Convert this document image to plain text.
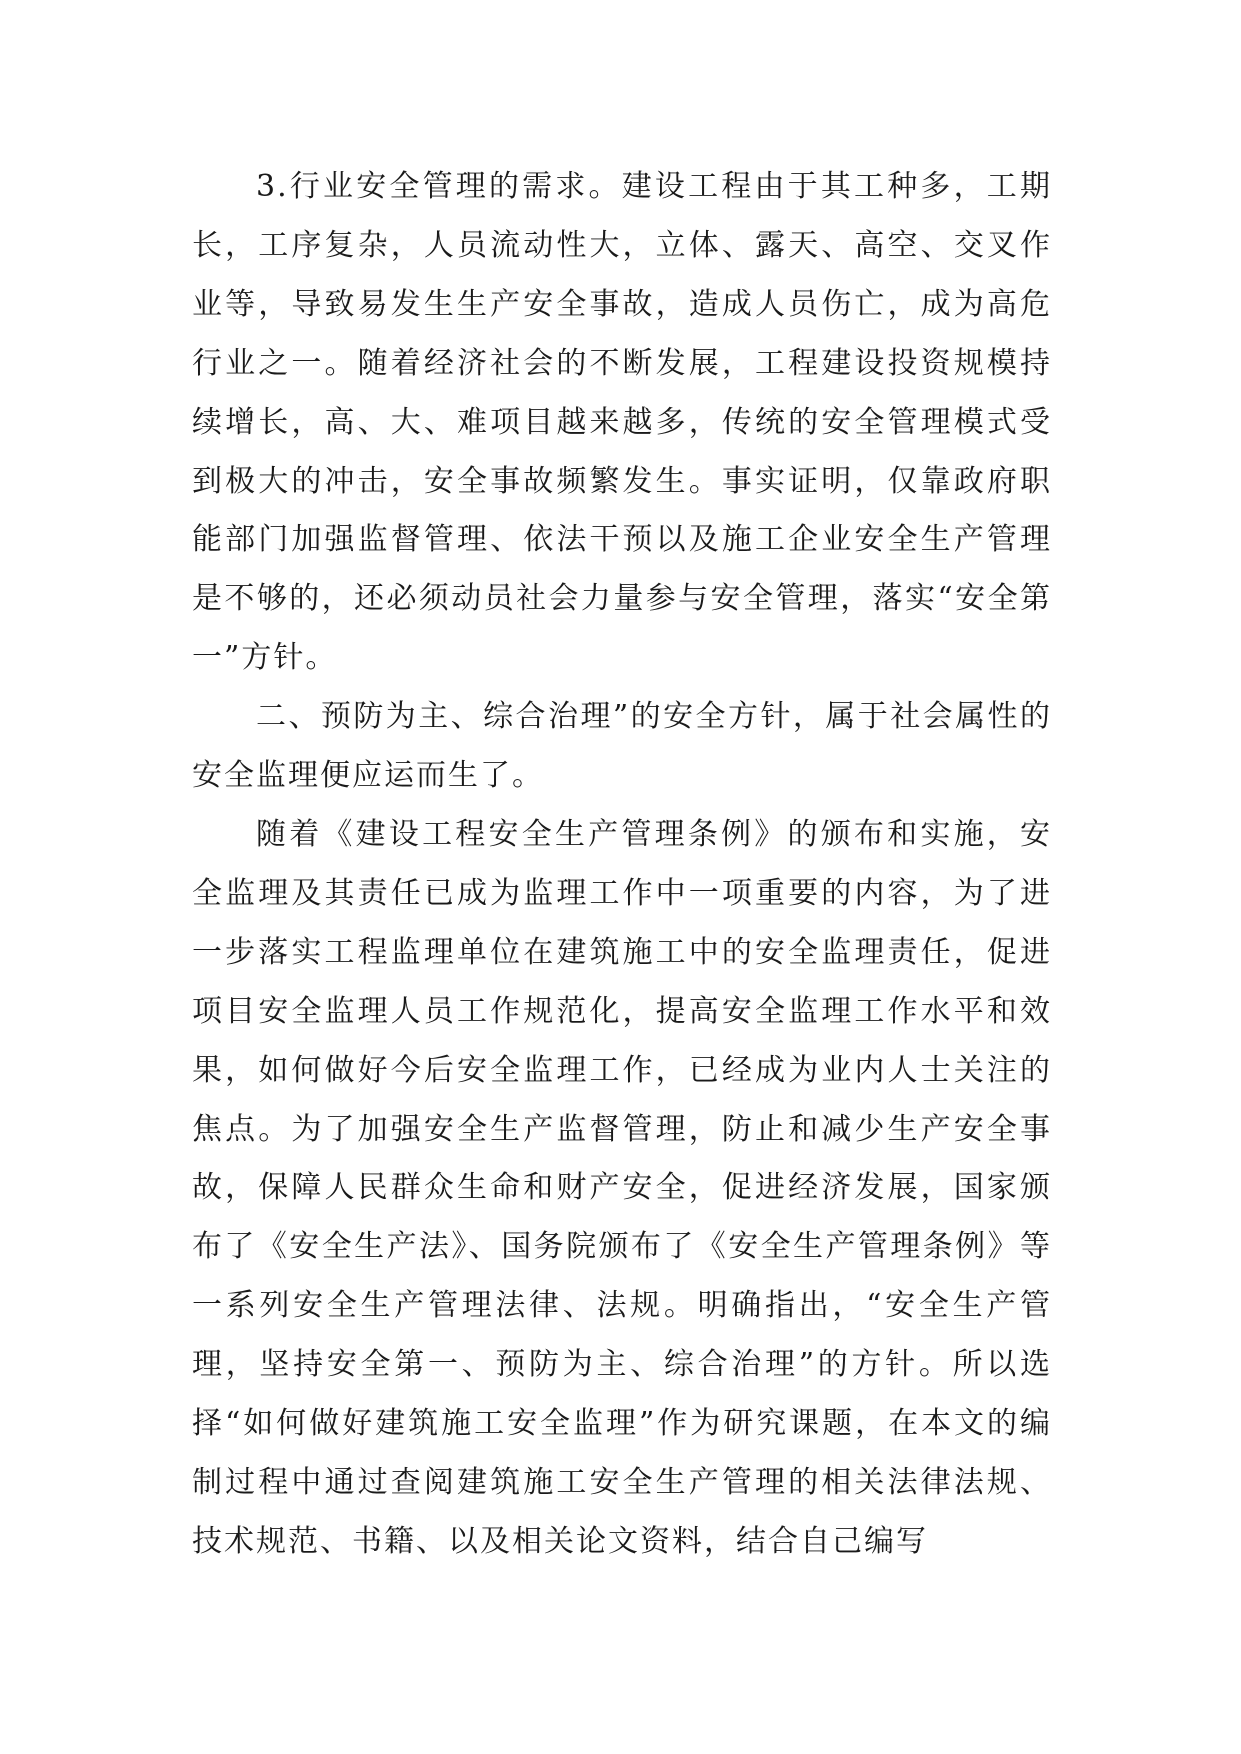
3.行业安全管理的需求。建设工程由于其工种多，工期长，工序复杂，人员流动性大，立体、露天、高空、交叉作业等，导致易发生生产安全事故，造成人员伤亡，成为高危行业之一。随着经济社会的不断发展，工程建设投资规模持续增长，高、大、难项目越来越多，传统的安全管理模式受到极大的冲击，安全事故频繁发生。事实证明，仅靠政府职能部门加强监督管理、依法干预以及施工企业安全生产管理是不够的，还必须动员社会力量参与安全管理，落实“安全第一”方针。

二、预防为主、综合治理”的安全方针，属于社会属性的安全监理便应运而生了。

随着《建设工程安全生产管理条例》的颁布和实施，安全监理及其责任已成为监理工作中一项重要的内容，为了进一步落实工程监理单位在建筑施工中的安全监理责任，促进项目安全监理人员工作规范化，提高安全监理工作水平和效果，如何做好今后安全监理工作，已经成为业内人士关注的焦点。为了加强安全生产监督管理，防止和减少生产安全事故，保障人民群众生命和财产安全，促进经济发展，国家颁布了《安全生产法》、国务院颁布了《安全生产管理条例》等一系列安全生产管理法律、法规。明确指出，“安全生产管理，坚持安全第一、预防为主、综合治理”的方针。所以选择“如何做好建筑施工安全监理”作为研究课题，在本文的编制过程中通过查阅建筑施工安全生产管理的相关法律法规、技术规范、书籍、以及相关论文资料，结合自己编写
